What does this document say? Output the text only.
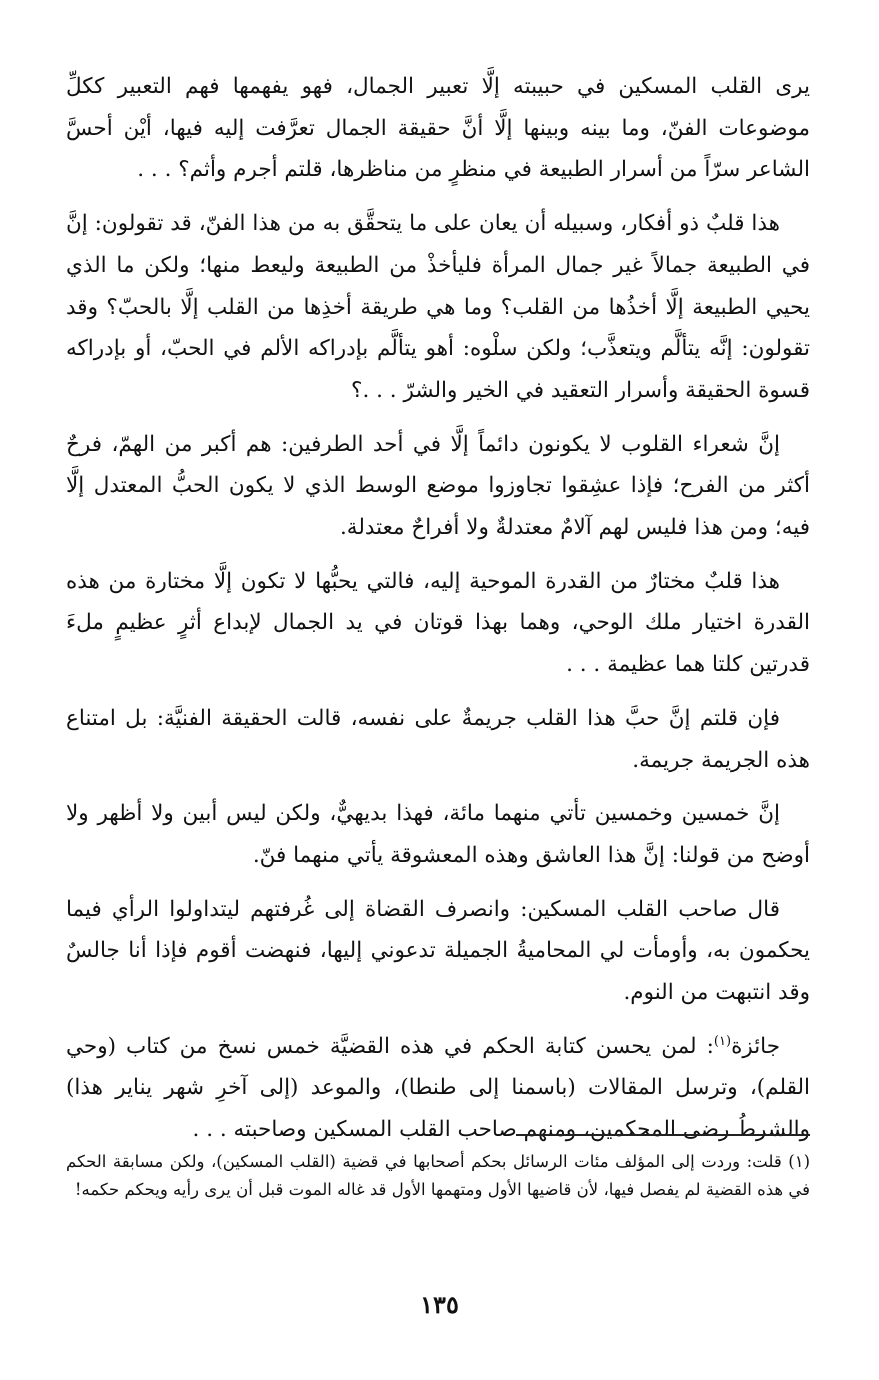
يرى القلب المسكين في حبيبته إلَّا تعبير الجمال، فهو يفهمها فهم التعبير ككلِّ موضوعات الفنّ، وما بينه وبينها إلَّا أنَّ حقيقة الجمال تعرَّفت إليه فيها، أيْن أحسَّ الشاعر سرّاً من أسرار الطبيعة في منظرٍ من مناظرها، قلتم أجرم وأثم؟ . . .

هذا قلبٌ ذو أفكار، وسبيله أن يعان على ما يتحقَّق به من هذا الفنّ، قد تقولون: إنَّ في الطبيعة جمالاً غير جمال المرأة فليأخذْ من الطبيعة وليعط منها؛ ولكن ما الذي يحيي الطبيعة إلَّا أخذُها من القلب؟ وما هي طريقة أخذِها من القلب إلَّا بالحبّ؟ وقد تقولون: إنَّه يتألَّم ويتعذَّب؛ ولكن سلْوه: أهو يتألَّم بإدراكه الألم في الحبّ، أو بإدراكه قسوة الحقيقة وأسرار التعقيد في الخير والشرّ . . .؟

إنَّ شعراء القلوب لا يكونون دائماً إلَّا في أحد الطرفين: هم أكبر من الهمّ، فرحٌ أكثر من الفرح؛ فإذا عشِقوا تجاوزوا موضع الوسط الذي لا يكون الحبُّ المعتدل إلَّا فيه؛ ومن هذا فليس لهم آلامٌ معتدلةٌ ولا أفراحٌ معتدلة.

هذا قلبٌ مختارٌ من القدرة الموحية إليه، فالتي يحبُّها لا تكون إلَّا مختارة من هذه القدرة اختيار ملك الوحي، وهما بهذا قوتان في يد الجمال لإبداع أثرٍ عظيمٍ ملءَ قدرتين كلتا هما عظيمة . . .

فإن قلتم إنَّ حبَّ هذا القلب جريمةٌ على نفسه، قالت الحقيقة الفنيَّة: بل امتناع هذه الجريمة جريمة.

إنَّ خمسين وخمسين تأتي منهما مائة، فهذا بديهيٌّ، ولكن ليس أبين ولا أظهر ولا أوضح من قولنا: إنَّ هذا العاشق وهذه المعشوقة يأتي منهما فنّ.

قال صاحب القلب المسكين: وانصرف القضاة إلى غُرفتهم ليتداولوا الرأي فيما يحكمون به، وأومأت لي المحاميةُ الجميلة تدعوني إليها، فنهضت أقوم فإذا أنا جالسٌ وقد انتبهت من النوم.

جائزة$^{(١)}$: لمن يحسن كتابة الحكم في هذه القضيَّة خمس نسخ من كتاب (وحي القلم)، وترسل المقالات (باسمنا إلى طنطا)، والموعد (إلى آخرِ شهر يناير هذا) والشرطُ رضى المحكمين، ومنهم صاحب القلب المسكين وصاحبته . . .

(١) قلت: وردت إلى المؤلف مئات الرسائل بحكم أصحابها في قضية (القلب المسكين)، ولكن مسابقة الحكم في هذه القضية لم يفصل فيها، لأن قاضيها الأول ومتهمها الأول قد غاله الموت قبل أن يرى رأيه ويحكم حكمه!

١٣٥
